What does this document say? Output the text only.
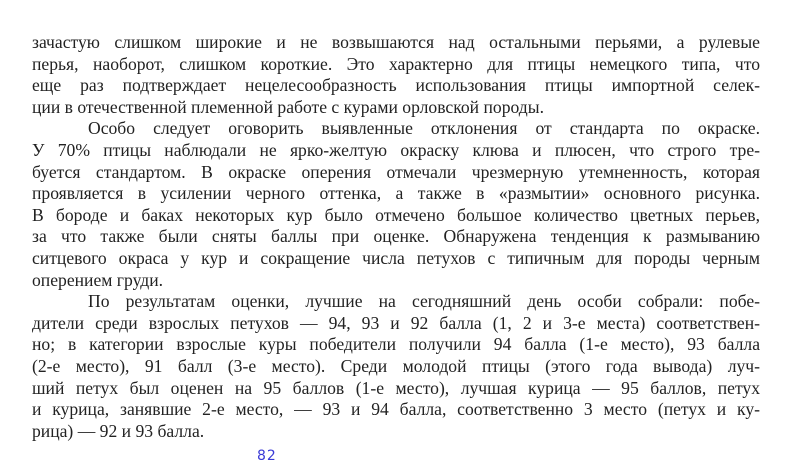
зачастую слишком широкие и не возвышаются над остальными перьями, а рулевые
перья, наоборот, слишком короткие. Это характерно для птицы немецкого типа, что
еще раз подтверждает нецелесообразность использования птицы импортной селек-
ции в отечественной племенной работе с курами орловской породы.
Особо следует оговорить выявленные отклонения от стандарта по окраске.
У 70% птицы наблюдали не ярко-желтую окраску клюва и плюсен, что строго тре-
буется стандартом. В окраске оперения отмечали чрезмерную утемненность, которая
проявляется в усилении черного оттенка, а также в «размытии» основного рисунка.
В бороде и баках некоторых кур было отмечено большое количество цветных перьев,
за что также были сняты баллы при оценке. Обнаружена тенденция к размыванию
ситцевого окраса у кур и сокращение числа петухов с типичным для породы черным
оперением груди.
По результатам оценки, лучшие на сегодняшний день особи собрали: побе-
дители среди взрослых петухов — 94, 93 и 92 балла (1, 2 и 3-е места) соответствен-
но; в категории взрослые куры победители получили 94 балла (1-е место), 93 балла
(2-е место), 91 балл (3-е место). Среди молодой птицы (этого года вывода) луч-
ший петух был оценен на 95 баллов (1-е место), лучшая курица — 95 баллов, петух
и курица, занявшие 2-е место, — 93 и 94 балла, соответственно 3 место (петух и ку-
рица) — 92 и 93 балла.
82
